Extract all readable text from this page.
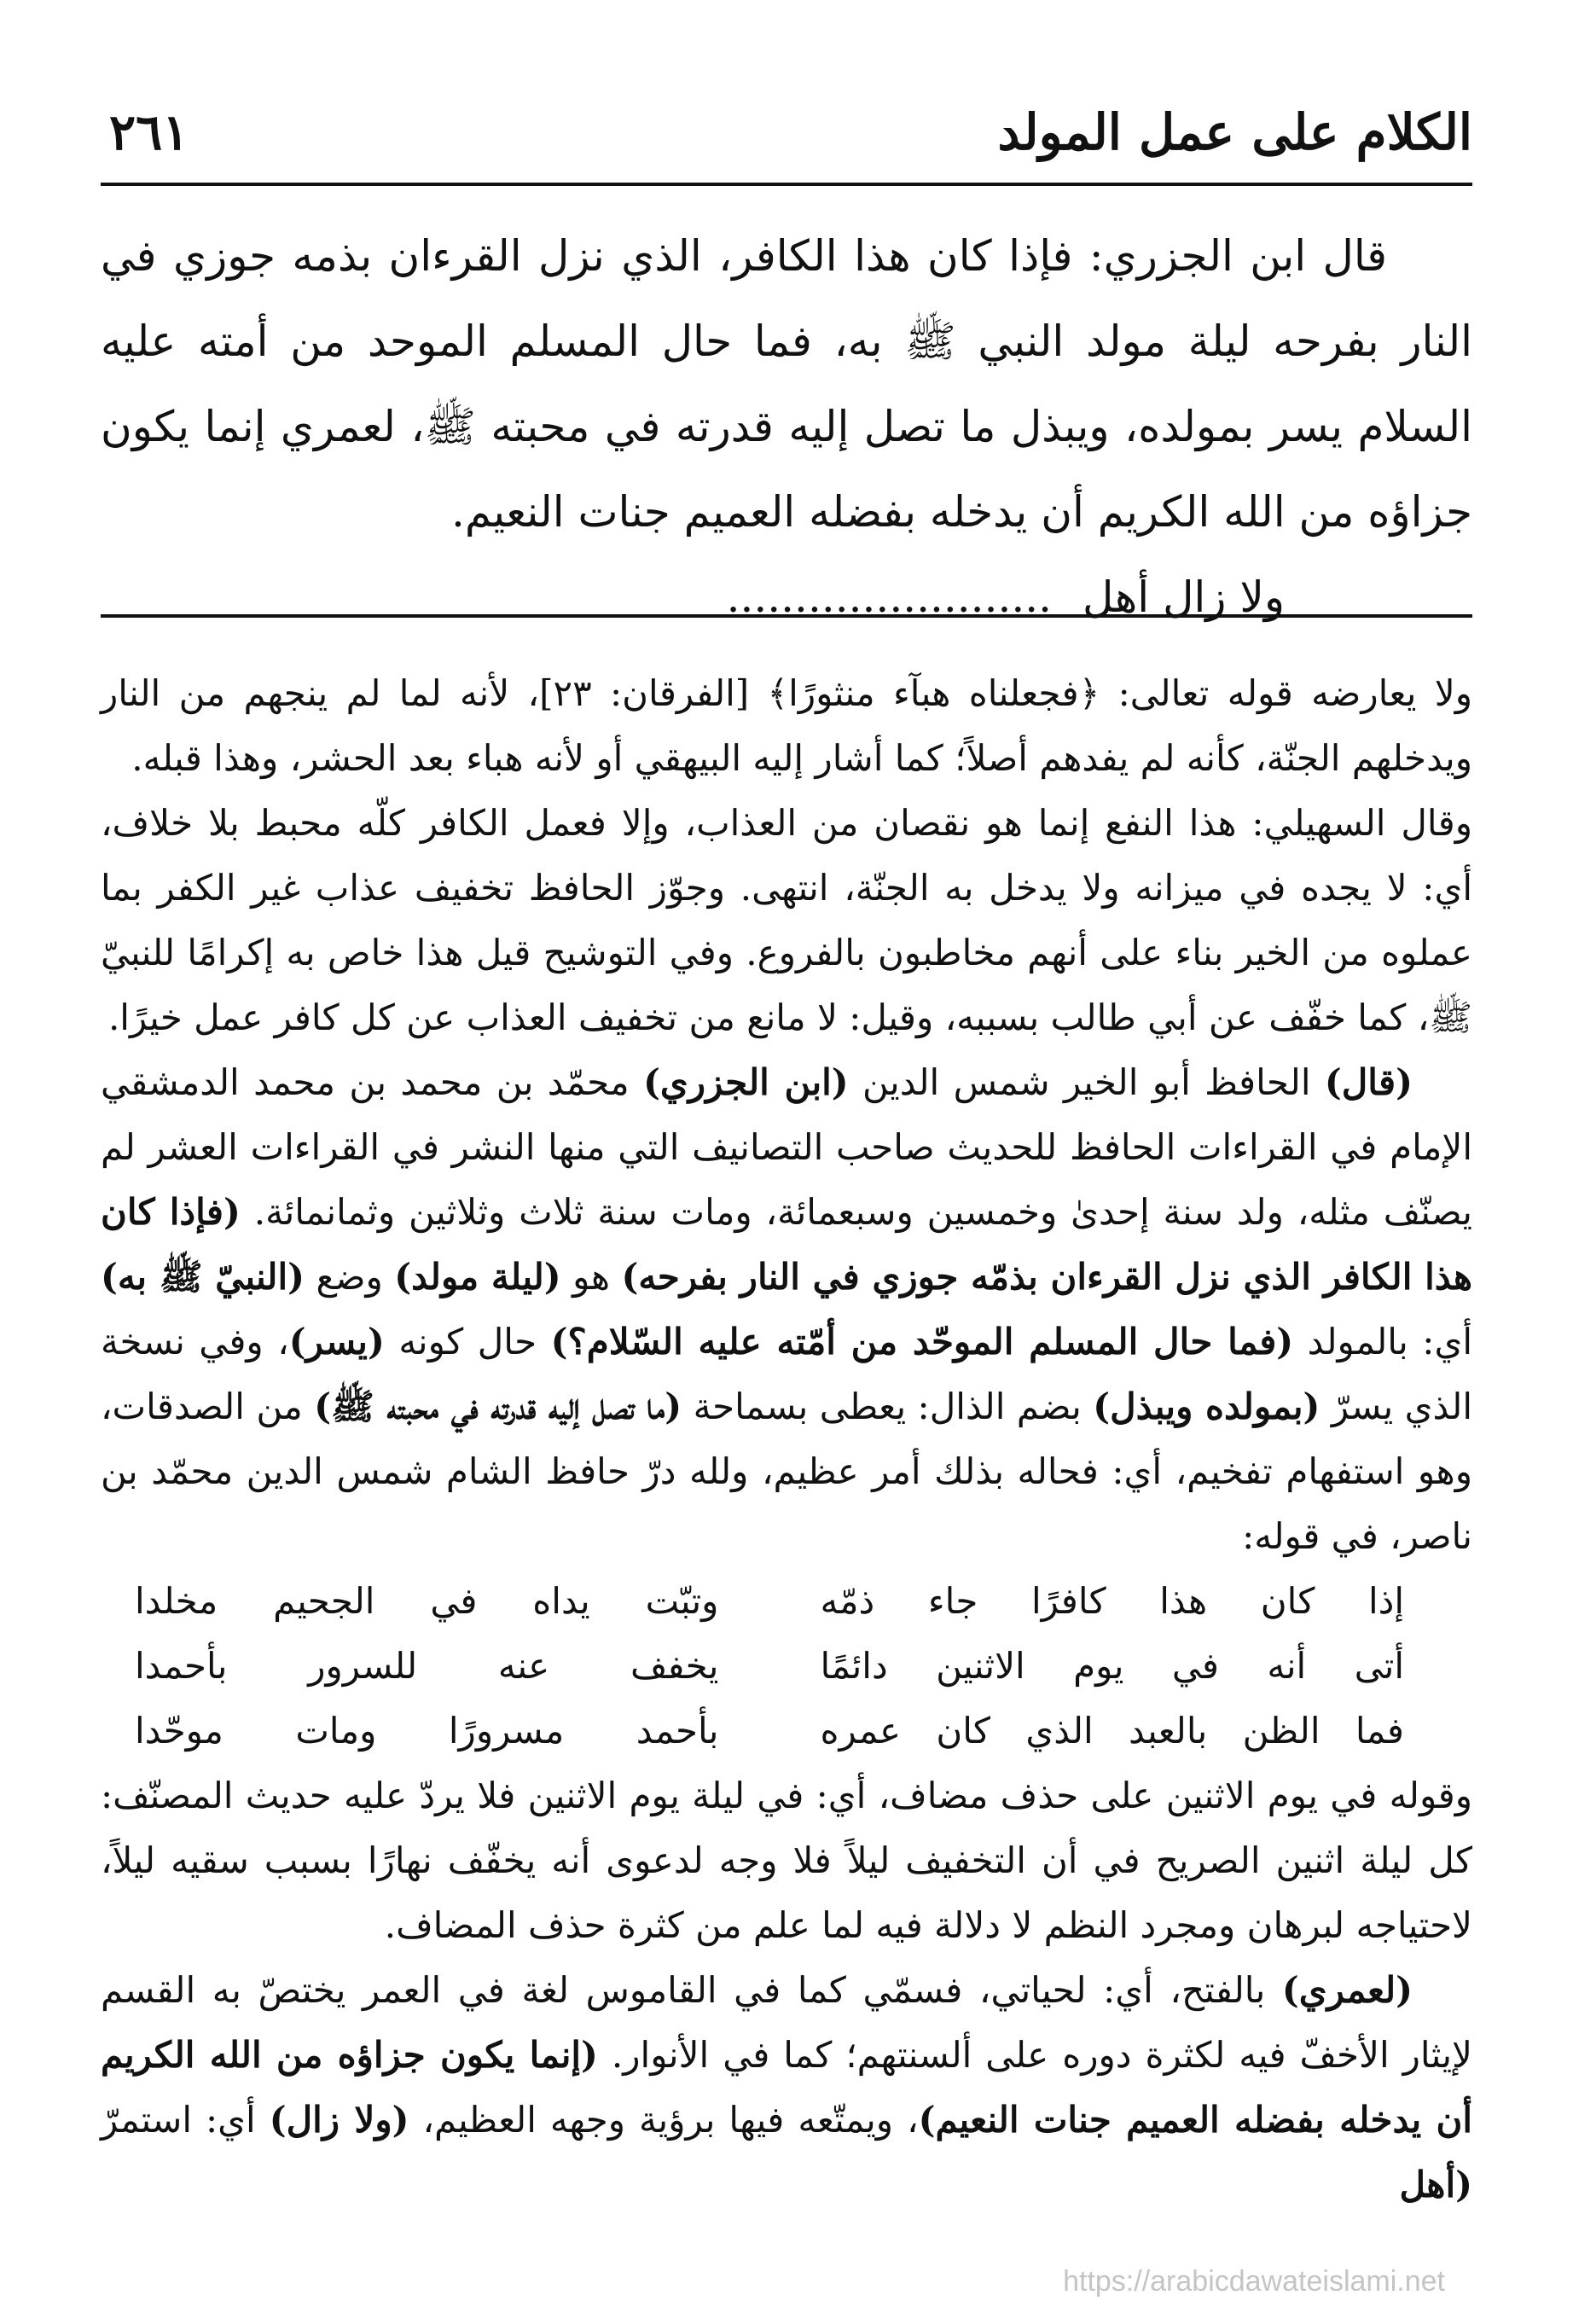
الكلام على عمل المولد
٢٦١

قال ابن الجزري: فإذا كان هذا الكافر، الذي نزل القرءان بذمه جوزي في النار بفرحه ليلة مولد النبي ﷺ به، فما حال المسلم الموحد من أمته عليه السلام يسر بمولده، ويبذل ما تصل إليه قدرته في محبته ﷺ، لعمري إنما يكون جزاؤه من الله الكريم أن يدخله بفضله العميم جنات النعيم.

ولا زال أهل........................

ولا يعارضه قوله تعالى: ﴿فجعلناه هبآء منثورًا﴾ [الفرقان: ٢٣]، لأنه لما لم ينجهم من النار ويدخلهم الجنّة، كأنه لم يفدهم أصلاً؛ كما أشار إليه البيهقي أو لأنه هباء بعد الحشر، وهذا قبله.

وقال السهيلي: هذا النفع إنما هو نقصان من العذاب، وإلا فعمل الكافر كلّه محبط بلا خلاف، أي: لا يجده في ميزانه ولا يدخل به الجنّة، انتهى. وجوّز الحافظ تخفيف عذاب غير الكفر بما عملوه من الخير بناء على أنهم مخاطبون بالفروع. وفي التوشيح قيل هذا خاص به إكرامًا للنبيّ ﷺ، كما خفّف عن أبي طالب بسببه، وقيل: لا مانع من تخفيف العذاب عن كل كافر عمل خيرًا.

(قال) الحافظ أبو الخير شمس الدين (ابن الجزري) محمّد بن محمد بن محمد الدمشقي الإمام في القراءات الحافظ للحديث صاحب التصانيف التي منها النشر في القراءات العشر لم يصنّف مثله، ولد سنة إحدىٰ وخمسين وسبعمائة، ومات سنة ثلاث وثلاثين وثمانمائة. (فإذا كان هذا الكافر الذي نزل القرءان بذمّه جوزي في النار بفرحه) هو (ليلة مولد) وضع (النبيّ ﷺ به) أي: بالمولد (فما حال المسلم الموحّد من أمّته عليه السّلام؟) حال كونه (يسر)، وفي نسخة الذي يسرّ (بمولده ويبذل) بضم الذال: يعطى بسماحة (ما تصل إليه قدرته في محبته ﷺ) من الصدقات، وهو استفهام تفخيم، أي: فحاله بذلك أمر عظيم، ولله درّ حافظ الشام شمس الدين محمّد بن ناصر، في قوله:

إذا كان هذا كافرًا جاء ذمّه
وتبّت يداه في الجحيم مخلدا
أتى أنه في يوم الاثنين دائمًا
يخفف عنه للسرور بأحمدا
فما الظن بالعبد الذي كان عمره
بأحمد مسرورًا ومات موحّدا

وقوله في يوم الاثنين على حذف مضاف، أي: في ليلة يوم الاثنين فلا يردّ عليه حديث المصنّف: كل ليلة اثنين الصريح في أن التخفيف ليلاً فلا وجه لدعوى أنه يخفّف نهارًا بسبب سقيه ليلاً، لاحتياجه لبرهان ومجرد النظم لا دلالة فيه لما علم من كثرة حذف المضاف.

(لعمري) بالفتح، أي: لحياتي، فسمّي كما في القاموس لغة في العمر يختصّ به القسم لإيثار الأخفّ فيه لكثرة دوره على ألسنتهم؛ كما في الأنوار. (إنما يكون جزاؤه من الله الكريم أن يدخله بفضله العميم جنات النعيم)، ويمتّعه فيها برؤية وجهه العظيم، (ولا زال) أي: استمرّ (أهل

https://arabicdawateislami.net
